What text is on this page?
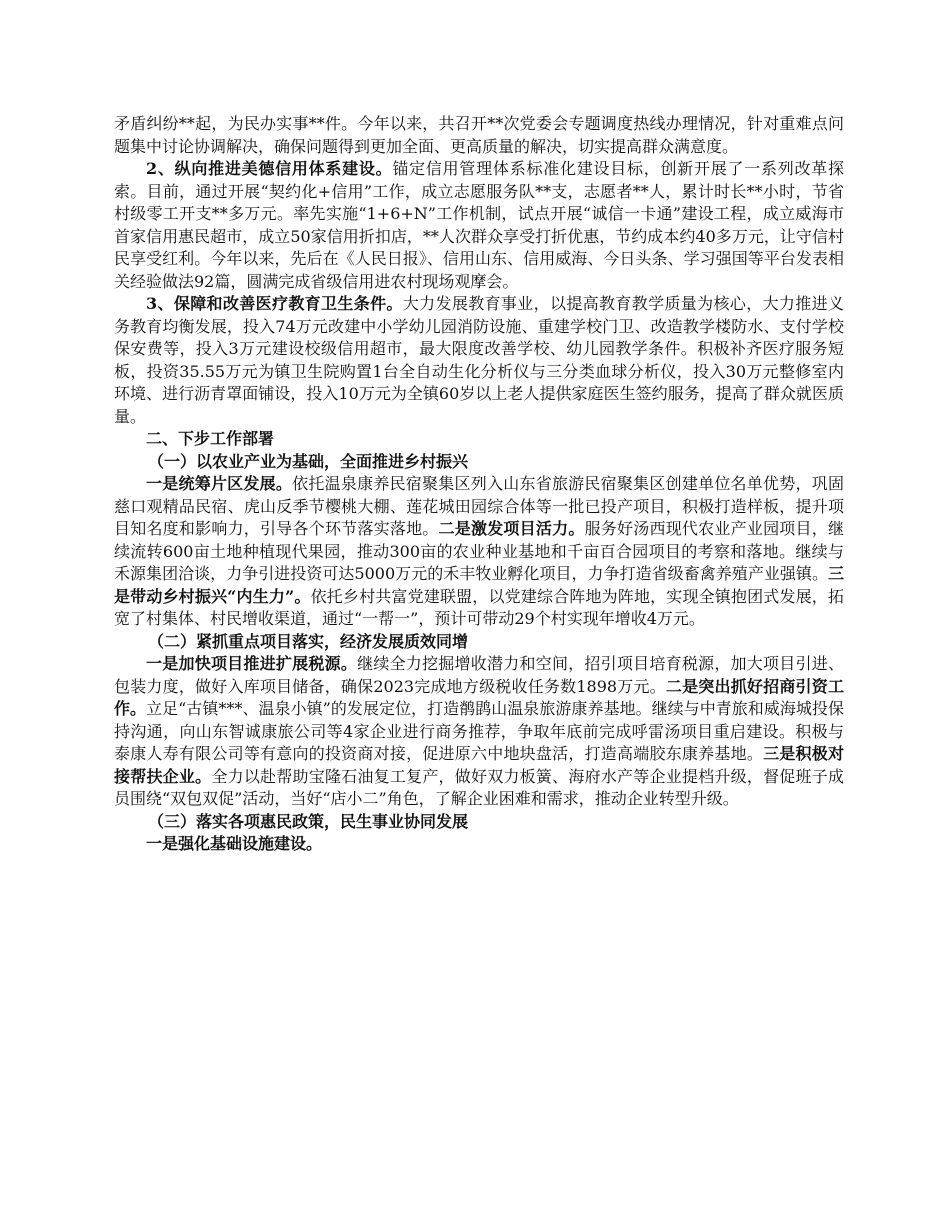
矛盾纠纷**起，为民办实事**件。今年以来，共召开**次党委会专题调度热线办理情况，针对重难点问题集中讨论协调解决，确保问题得到更加全面、更高质量的解决，切实提高群众满意度。

2、纵向推进美德信用体系建设。锚定信用管理体系标准化建设目标，创新开展了一系列改革探索。目前，通过开展“契约化+信用”工作，成立志愿服务队**支，志愿者**人，累计时长**小时，节省村级零工开支**多万元。率先实施“1+6+N”工作机制，试点开展“诚信一卡通”建设工程，成立威海市首家信用惠民超市，成立50家信用折扣店，**人次群众享受打折优惠，节约成本约40多万元，让守信村民享受红利。今年以来，先后在《人民日报》、信用山东、信用威海、今日头条、学习强国等平台发表相关经验做法92篇，圆满完成省级信用进农村现场观摩会。

3、保障和改善医疗教育卫生条件。大力发展教育事业，以提高教育教学质量为核心，大力推进义务教育均衡发展，投入74万元改建中小学幼儿园消防设施、重建学校门卫、改造教学楼防水、支付学校保安费等，投入3万元建设校级信用超市，最大限度改善学校、幼儿园教学条件。积极补齐医疗服务短板，投资35.55万元为镇卫生院购置1台全自动生化分析仪与三分类血球分析仪，投入30万元整修室内环境、进行沥青罩面铺设，投入10万元为全镇60岁以上老人提供家庭医生签约服务，提高了群众就医质量。

二、下步工作部署

（一）以农业产业为基础，全面推进乡村振兴

一是统筹片区发展。依托温泉康养民宿聚集区列入山东省旅游民宿聚集区创建单位名单优势，巩固慈口观精品民宿、虎山反季节樱桃大棚、莲花城田园综合体等一批已投产项目，积极打造样板，提升项目知名度和影响力，引导各个环节落实落地。二是激发项目活力。服务好汤西现代农业产业园项目，继续流转600亩土地种植现代果园，推动300亩的农业种业基地和千亩百合园项目的考察和落地。继续与禾源集团洽谈，力争引进投资可达5000万元的禾丰牧业孵化项目，力争打造省级畜禽养殖产业强镇。三是带动乡村振兴“内生力”。依托乡村共富党建联盟，以党建综合阵地为阵地，实现全镇抱团式发展，拓宽了村集体、村民增收渠道，通过“一帮一”，预计可带动29个村实现年增收4万元。

（二）紧抓重点项目落实，经济发展质效同增

一是加快项目推进扩展税源。继续全力挖掘增收潜力和空间，招引项目培育税源，加大项目引进、包装力度，做好入库项目储备，确保2023完成地方级税收任务数1898万元。二是突出抓好招商引资工作。立足“古镇***、温泉小镇”的发展定位，打造鹡鹍山温泉旅游康养基地。继续与中青旅和威海城投保持沟通，向山东智诚康旅公司等4家企业进行商务推荐，争取年底前完成呼雷汤项目重启建设。积极与泰康人寿有限公司等有意向的投资商对接，促进原六中地块盘活，打造高端胶东康养基地。三是积极对接帮扶企业。全力以赴帮助宝隆石油复工复产，做好双力板簧、海府水产等企业提档升级，督促班子成员围绕“双包双促”活动，当好“店小二”角色，了解企业困难和需求，推动企业转型升级。

（三）落实各项惠民政策，民生事业协同发展

一是强化基础设施建设。
